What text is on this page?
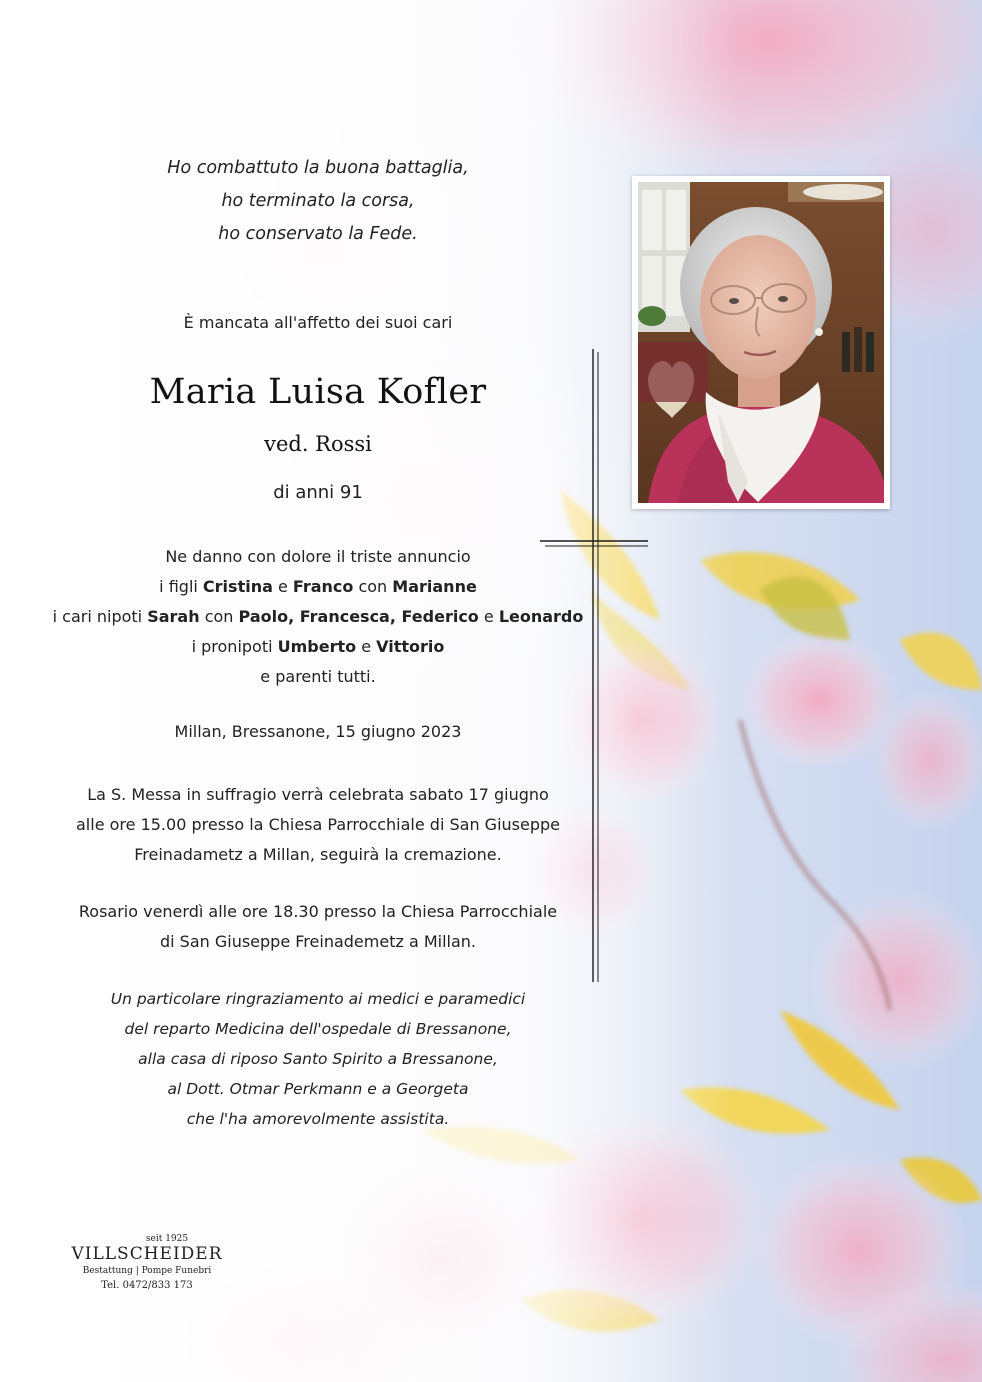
Ho combattuto la buona battaglia,
ho terminato la corsa,
ho conservato la Fede.
È mancata all'affetto dei suoi cari
Maria Luisa Kofler
ved. Rossi
di anni 91
Ne danno con dolore il triste annuncio
i figli Cristina e Franco con Marianne
i cari nipoti Sarah con Paolo, Francesca, Federico e Leonardo
i pronipoti Umberto e Vittorio
e parenti tutti.
Millan, Bressanone, 15 giugno 2023
La S. Messa in suffragio verrà celebrata sabato 17 giugno
alle ore 15.00 presso la Chiesa Parrocchiale di San Giuseppe
Freinadametz a Millan, seguirà la cremazione.
Rosario venerdì alle ore 18.30 presso la Chiesa Parrocchiale
di San Giuseppe Freinademetz a Millan.
Un particolare ringraziamento ai medici e paramedici
del reparto Medicina dell'ospedale di Bressanone,
alla casa di riposo Santo Spirito a Bressanone,
al Dott. Otmar Perkmann e a Georgeta
che l'ha amorevolmente assistita.
seit 1925
VILLSCHEIDER
Bestattung | Pompe Funebri
Tel. 0472/833 173
